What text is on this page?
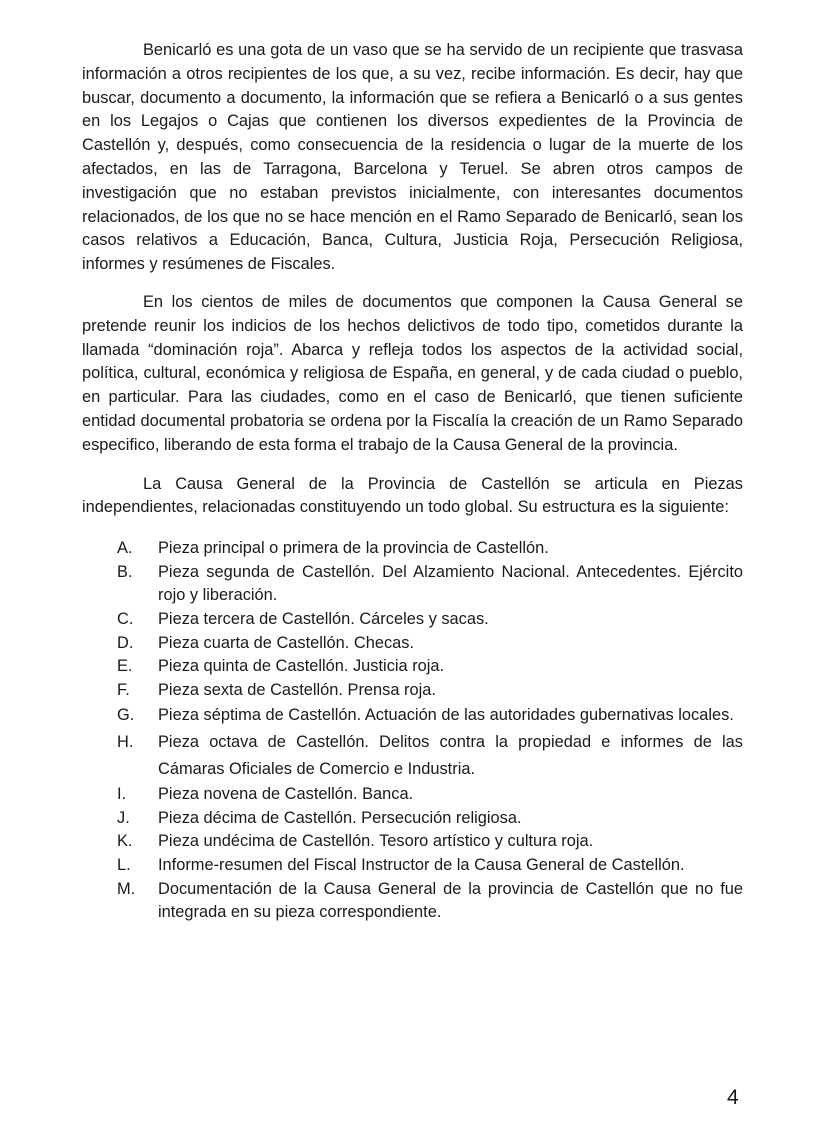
Benicarló es una gota de un vaso que se ha servido de un recipiente que trasvasa información a otros recipientes de los que, a su vez, recibe información. Es decir, hay que buscar, documento a documento, la información que se refiera a Benicarló o a sus gentes en los Legajos o Cajas que contienen los diversos expedientes de la Provincia de Castellón y, después, como consecuencia de la residencia o lugar de la muerte de los afectados, en las de Tarragona, Barcelona y Teruel. Se abren otros campos de investigación que no estaban previstos inicialmente, con interesantes documentos relacionados, de los que no se hace mención en el Ramo Separado de Benicarló, sean los casos relativos a Educación, Banca, Cultura, Justicia Roja, Persecución Religiosa, informes y resúmenes de Fiscales.

En los cientos de miles de documentos que componen la Causa General se pretende reunir los indicios de los hechos delictivos de todo tipo, cometidos durante la llamada “dominación roja”. Abarca y refleja todos los aspectos de la actividad social, política, cultural, económica y religiosa de España, en general, y de cada ciudad o pueblo, en particular. Para las ciudades, como en el caso de Benicarló, que tienen suficiente entidad documental probatoria se ordena por la Fiscalía la creación de un Ramo Separado especifico, liberando de esta forma el trabajo de la Causa General de la provincia.

La Causa General de la Provincia de Castellón se articula en Piezas independientes, relacionadas constituyendo un todo global. Su estructura es la siguiente:

A. Pieza principal o primera de la provincia de Castellón.
B. Pieza segunda de Castellón. Del Alzamiento Nacional. Antecedentes. Ejército rojo y liberación.
C. Pieza tercera de Castellón. Cárceles y sacas.
D. Pieza cuarta de Castellón. Checas.
E. Pieza quinta de Castellón. Justicia roja.
F. Pieza sexta de Castellón. Prensa roja.
G. Pieza séptima de Castellón. Actuación de las autoridades gubernativas locales.
H. Pieza octava de Castellón. Delitos contra la propiedad e informes de las Cámaras Oficiales de Comercio e Industria.
I. Pieza novena de Castellón. Banca.
J. Pieza décima de Castellón. Persecución religiosa.
K. Pieza undécima de Castellón. Tesoro artístico y cultura roja.
L. Informe-resumen del Fiscal Instructor de la Causa General de Castellón.
M. Documentación de la Causa General de la provincia de Castellón que no fue integrada en su pieza correspondiente.
4
